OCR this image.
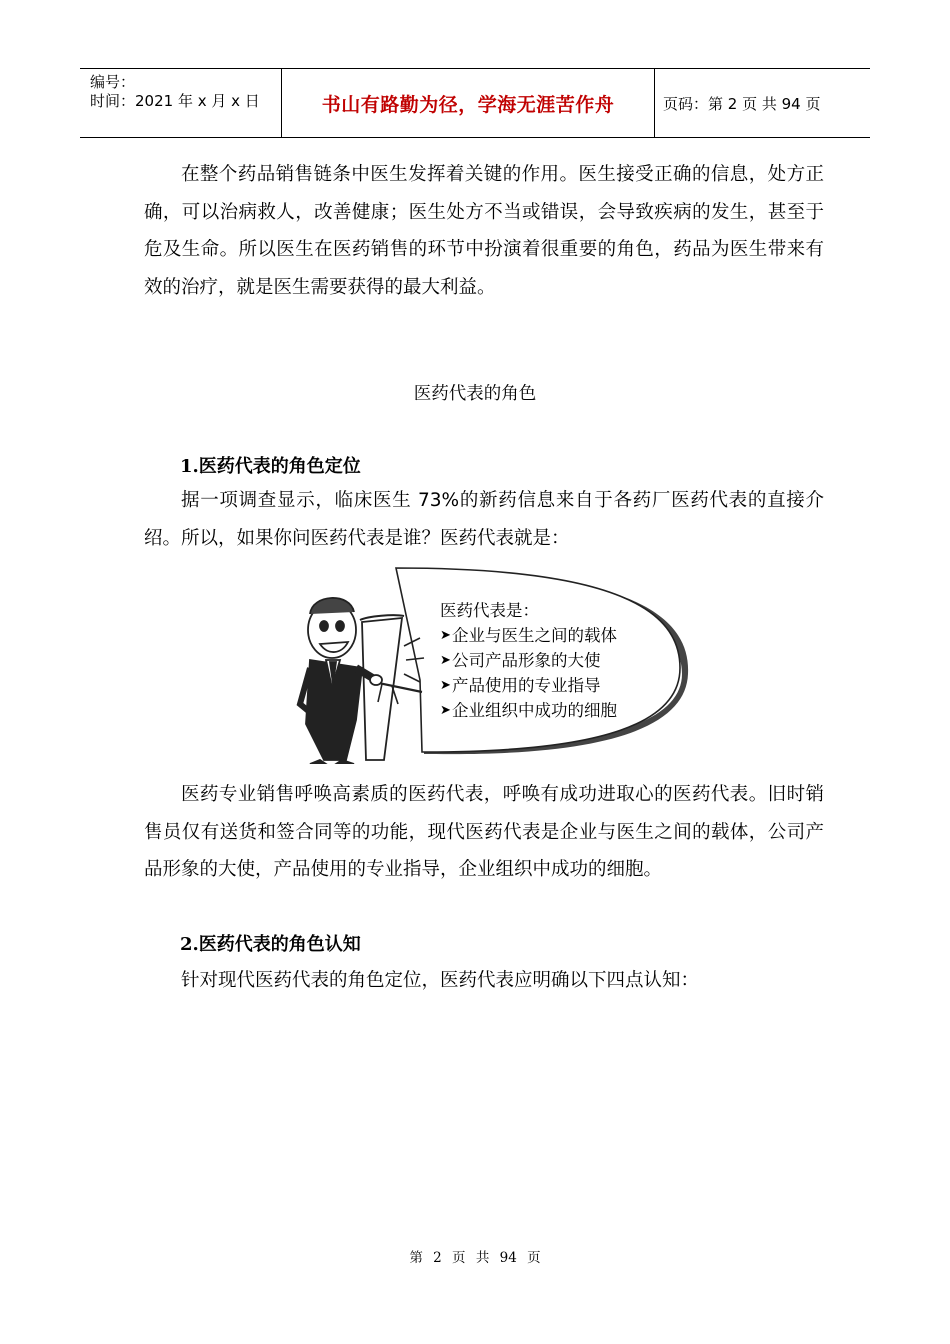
编号：
时间：2021 年 x 月 x 日	书山有路勤为径，学海无涯苦作舟	页码：第 2 页 共 94 页

在整个药品销售链条中医生发挥着关键的作用。医生接受正确的信息，处方正确，可以治病救人，改善健康；医生处方不当或错误，会导致疾病的发生，甚至于危及生命。所以医生在医药销售的环节中扮演着很重要的角色，药品为医生带来有效的治疗，就是医生需要获得的最大利益。

医药代表的角色
1.医药代表的角色定位

据一项调查显示，临床医生 73%的新药信息来自于各药厂医药代表的直接介绍。所以，如果你问医药代表是谁？医药代表就是：

医药代表是：
➤ 企业与医生之间的载体
➤ 公司产品形象的大使
➤ 产品使用的专业指导
➤ 企业组织中成功的细胞

医药专业销售呼唤高素质的医药代表，呼唤有成功进取心的医药代表。旧时销售员仅有送货和签合同等的功能，现代医药代表是企业与医生之间的载体，公司产品形象的大使，产品使用的专业指导，企业组织中成功的细胞。

2.医药代表的角色认知

针对现代医药代表的角色定位，医药代表应明确以下四点认知：

第 2 页 共 94 页
